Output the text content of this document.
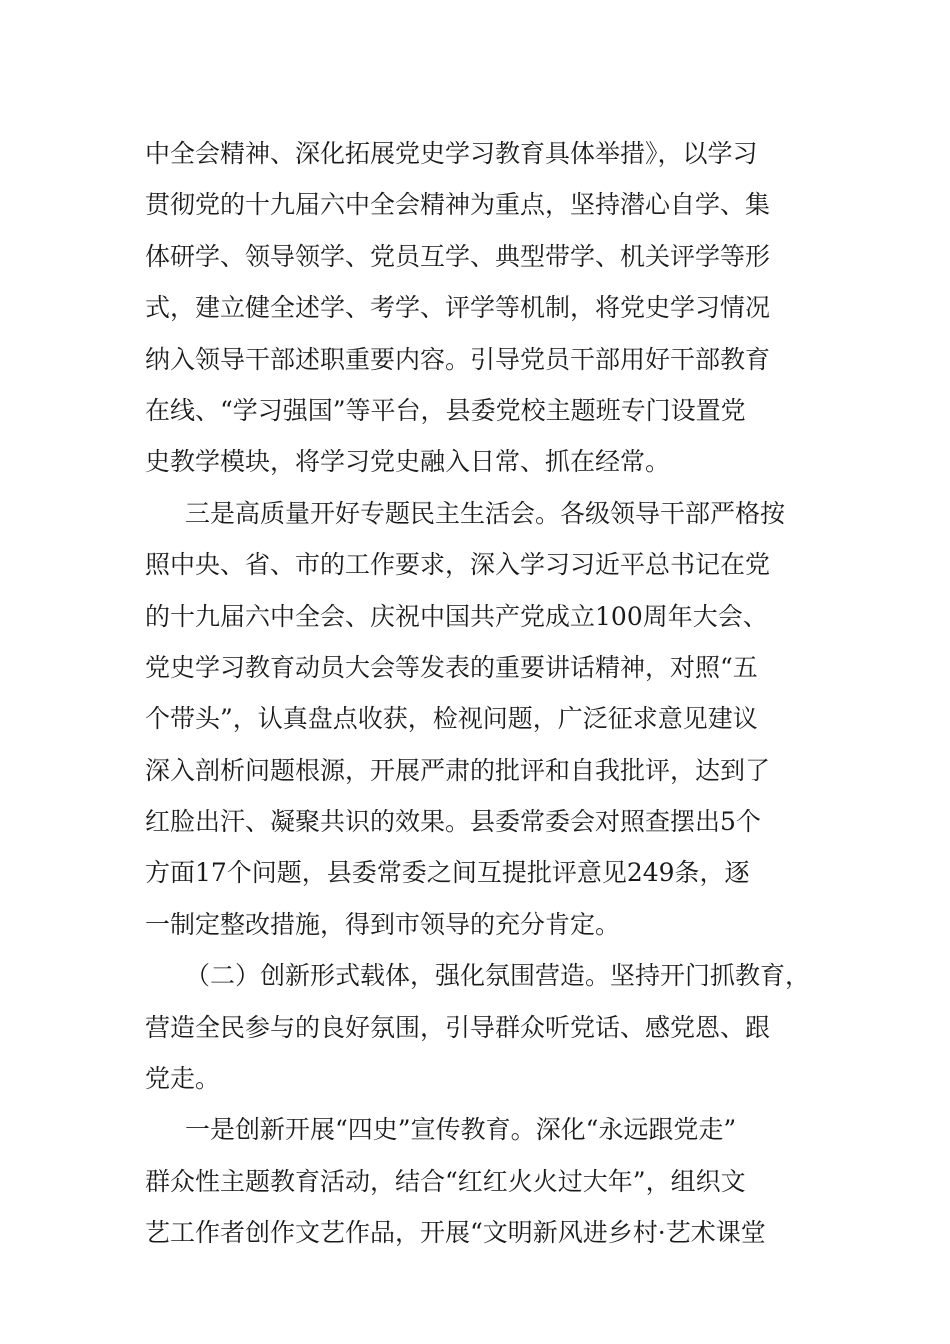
中全会精神、深化拓展党史学习教育具体举措》，以学习
贯彻党的十九届六中全会精神为重点，坚持潜心自学、集
体研学、领导领学、党员互学、典型带学、机关评学等形
式，建立健全述学、考学、评学等机制，将党史学习情况
纳入领导干部述职重要内容。引导党员干部用好干部教育
在线、“学习强国”等平台，县委党校主题班专门设置党
史教学模块，将学习党史融入日常、抓在经常。
三是高质量开好专题民主生活会。各级领导干部严格按
照中央、省、市的工作要求，深入学习习近平总书记在党
的十九届六中全会、庆祝中国共产党成立100周年大会、
党史学习教育动员大会等发表的重要讲话精神，对照“五
个带头”，认真盘点收获，检视问题，广泛征求意见建议
深入剖析问题根源，开展严肃的批评和自我批评，达到了
红脸出汗、凝聚共识的效果。县委常委会对照查摆出5个
方面17个问题，县委常委之间互提批评意见249条，逐
一制定整改措施，得到市领导的充分肯定。
（二）创新形式载体，强化氛围营造。坚持开门抓教育，
营造全民参与的良好氛围，引导群众听党话、感党恩、跟
党走。
一是创新开展“四史”宣传教育。深化“永远跟党走”
群众性主题教育活动，结合“红红火火过大年”，组织文
艺工作者创作文艺作品，开展“文明新风进乡村·艺术课堂
